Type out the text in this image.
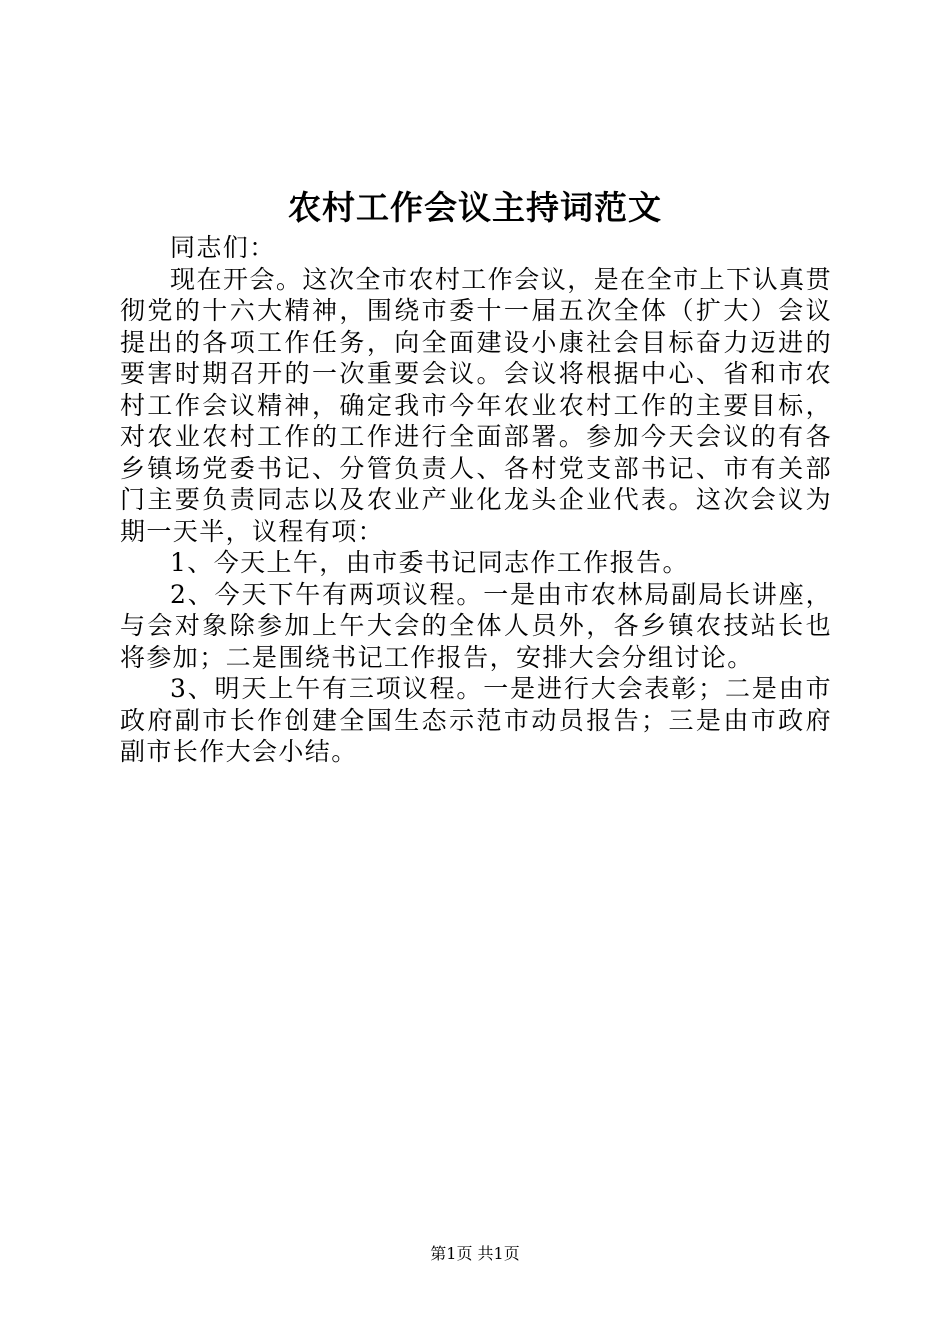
农村工作会议主持词范文

同志们：

现在开会。这次全市农村工作会议，是在全市上下认真贯彻党的十六大精神，围绕市委十一届五次全体（扩大）会议提出的各项工作任务，向全面建设小康社会目标奋力迈进的要害时期召开的一次重要会议。会议将根据中心、省和市农村工作会议精神，确定我市今年农业农村工作的主要目标，对农业农村工作的工作进行全面部署。参加今天会议的有各乡镇场党委书记、分管负责人、各村党支部书记、市有关部门主要负责同志以及农业产业化龙头企业代表。这次会议为期一天半，议程有项：

1、今天上午，由市委书记同志作工作报告。

2、今天下午有两项议程。一是由市农林局副局长讲座，与会对象除参加上午大会的全体人员外，各乡镇农技站长也将参加；二是围绕书记工作报告，安排大会分组讨论。

3、明天上午有三项议程。一是进行大会表彰；二是由市政府副市长作创建全国生态示范市动员报告；三是由市政府副市长作大会小结。

第1页 共1页
